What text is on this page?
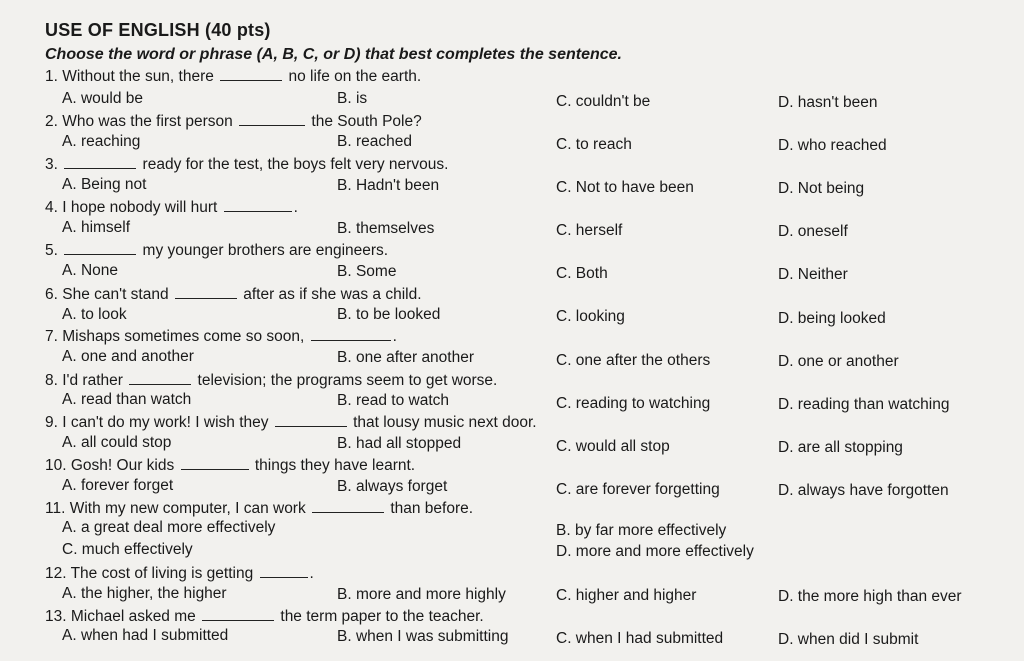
USE OF ENGLISH (40 pts)
Choose the word or phrase (A, B, C, or D) that best completes the sentence.
1. Without the sun, there	no life on the earth.
A. would be	B. is	C. couldn't be	D. hasn't been
2. Who was the first person	the South Pole?
A. reaching	B. reached	C. to reach	D. who reached
3.	ready for the test, the boys felt very nervous.
A. Being not	B. Hadn't been	C. Not to have been	D. Not being
4. I hope nobody will hurt	.
A. himself	B. themselves	C. herself	D. oneself
5.	my younger brothers are engineers.
A. None	B. Some	C. Both	D. Neither
6. She can't stand	after as if she was a child.
A. to look	B. to be looked	C. looking	D. being looked
7. Mishaps sometimes come so soon,	.
A. one and another	B. one after another	C. one after the others	D. one or another
8. I'd rather	television; the programs seem to get worse.
A. read than watch	B. read to watch	C. reading to watching	D. reading than watching
9. I can't do my work! I wish they	that lousy music next door.
A. all could stop	B. had all stopped	C. would all stop	D. are all stopping
10. Gosh! Our kids	things they have learnt.
A. forever forget	B. always forget	C. are forever forgetting	D. always have forgotten
11. With my new computer, I can work	than before.
A. a great deal more effectively	B. by far more effectively
C. much effectively	D. more and more effectively
12. The cost of living is getting	.
A. the higher, the higher	B. more and more highly	C. higher and higher	D. the more high than ever
13. Michael asked me	the term paper to the teacher.
A. when had I submitted	B. when I was submitting	C. when I had submitted	D. when did I submit
